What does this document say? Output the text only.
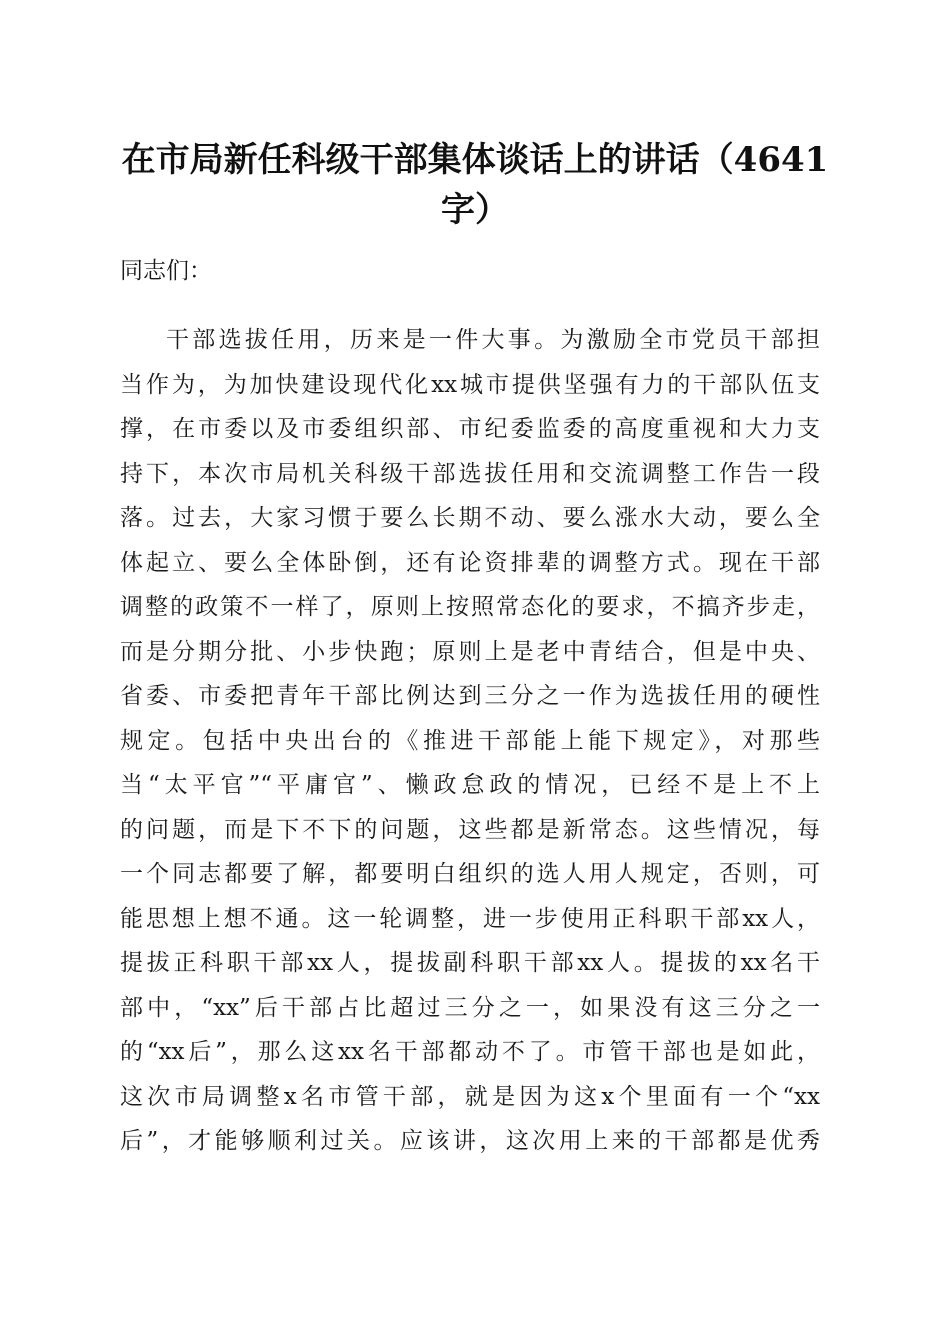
在市局新任科级干部集体谈话上的讲话（4641字）

同志们：

干部选拔任用，历来是一件大事。为激励全市党员干部担
当作为，为加快建设现代化xx城市提供坚强有力的干部队伍支
撑，在市委以及市委组织部、市纪委监委的高度重视和大力支
持下，本次市局机关科级干部选拔任用和交流调整工作告一段
落。过去，大家习惯于要么长期不动、要么涨水大动，要么全
体起立、要么全体卧倒，还有论资排辈的调整方式。现在干部
调整的政策不一样了，原则上按照常态化的要求，不搞齐步走，
而是分期分批、小步快跑；原则上是老中青结合，但是中央、
省委、市委把青年干部比例达到三分之一作为选拔任用的硬性
规定。包括中央出台的《推进干部能上能下规定》，对那些
当“太平官”“平庸官”、懒政怠政的情况，已经不是上不上
的问题，而是下不下的问题，这些都是新常态。这些情况，每
一个同志都要了解，都要明白组织的选人用人规定，否则，可
能思想上想不通。这一轮调整，进一步使用正科职干部xx人，
提拔正科职干部xx人，提拔副科职干部xx人。提拔的xx名干
部中，“xx”后干部占比超过三分之一，如果没有这三分之一
的“xx后”，那么这xx名干部都动不了。市管干部也是如此，
这次市局调整x名市管干部，就是因为这x个里面有一个“xx
后”，才能够顺利过关。应该讲，这次用上来的干部都是优秀
